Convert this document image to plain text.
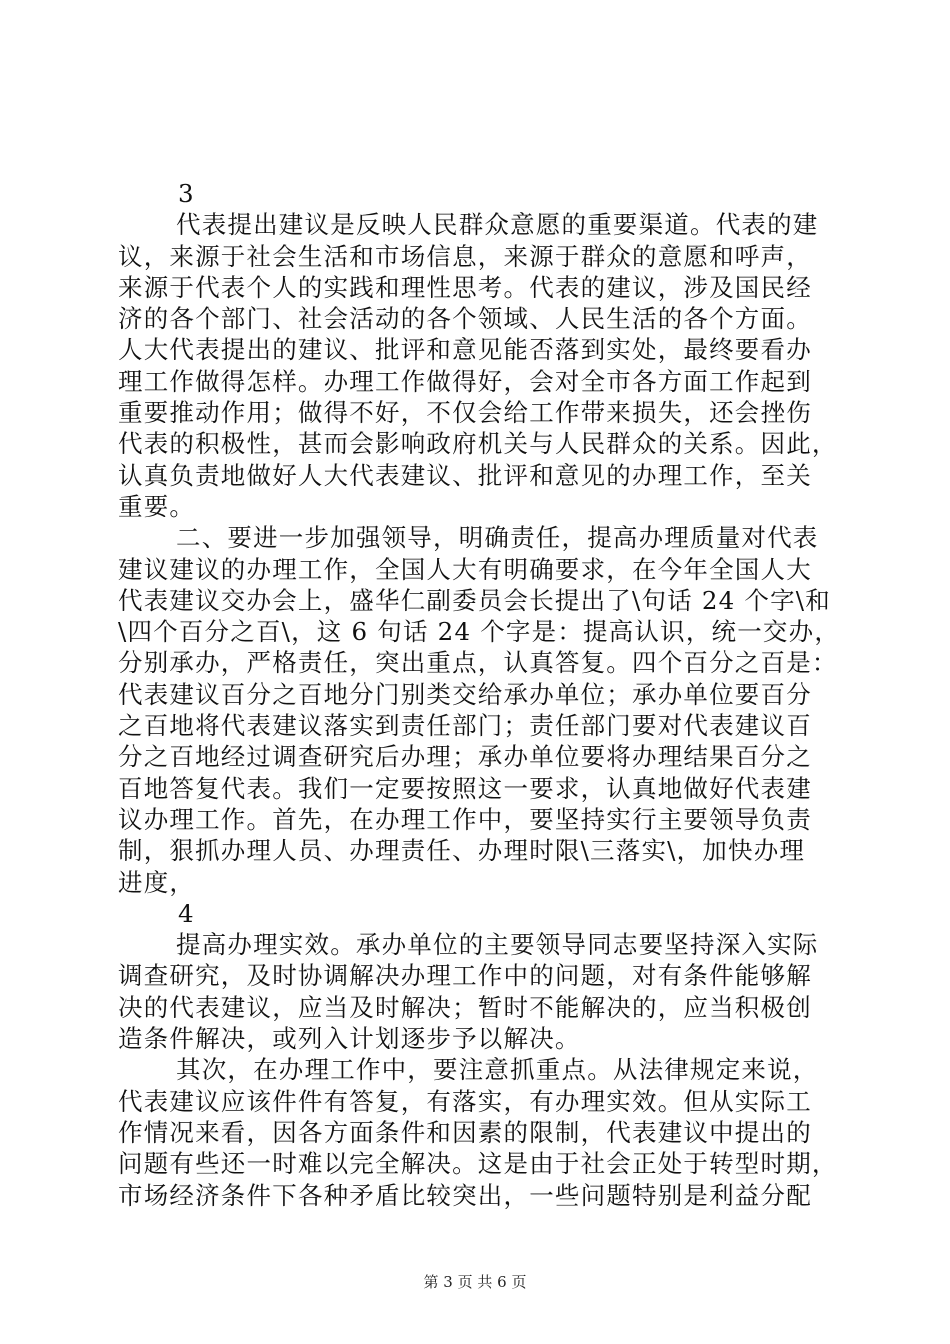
3
代表提出建议是反映人民群众意愿的重要渠道。代表的建
议，来源于社会生活和市场信息，来源于群众的意愿和呼声，
来源于代表个人的实践和理性思考。代表的建议，涉及国民经
济的各个部门、社会活动的各个领域、人民生活的各个方面。
人大代表提出的建议、批评和意见能否落到实处，最终要看办
理工作做得怎样。办理工作做得好，会对全市各方面工作起到
重要推动作用；做得不好，不仅会给工作带来损失，还会挫伤
代表的积极性，甚而会影响政府机关与人民群众的关系。因此，
认真负责地做好人大代表建议、批评和意见的办理工作，至关
重要。
二、要进一步加强领导，明确责任，提高办理质量对代表
建议建议的办理工作，全国人大有明确要求，在今年全国人大
代表建议交办会上，盛华仁副委员会长提出了\句话 24 个字\和
\四个百分之百\，这 6 句话 24 个字是：提高认识，统一交办，
分别承办，严格责任，突出重点，认真答复。四个百分之百是：
代表建议百分之百地分门别类交给承办单位；承办单位要百分
之百地将代表建议落实到责任部门；责任部门要对代表建议百
分之百地经过调查研究后办理；承办单位要将办理结果百分之
百地答复代表。我们一定要按照这一要求，认真地做好代表建
议办理工作。首先，在办理工作中，要坚持实行主要领导负责
制，狠抓办理人员、办理责任、办理时限\三落实\，加快办理
进度，
4
提高办理实效。承办单位的主要领导同志要坚持深入实际
调查研究，及时协调解决办理工作中的问题，对有条件能够解
决的代表建议，应当及时解决；暂时不能解决的，应当积极创
造条件解决，或列入计划逐步予以解决。
其次，在办理工作中，要注意抓重点。从法律规定来说，
代表建议应该件件有答复，有落实，有办理实效。但从实际工
作情况来看，因各方面条件和因素的限制，代表建议中提出的
问题有些还一时难以完全解决。这是由于社会正处于转型时期，
市场经济条件下各种矛盾比较突出，一些问题特别是利益分配
第 3 页 共 6 页
